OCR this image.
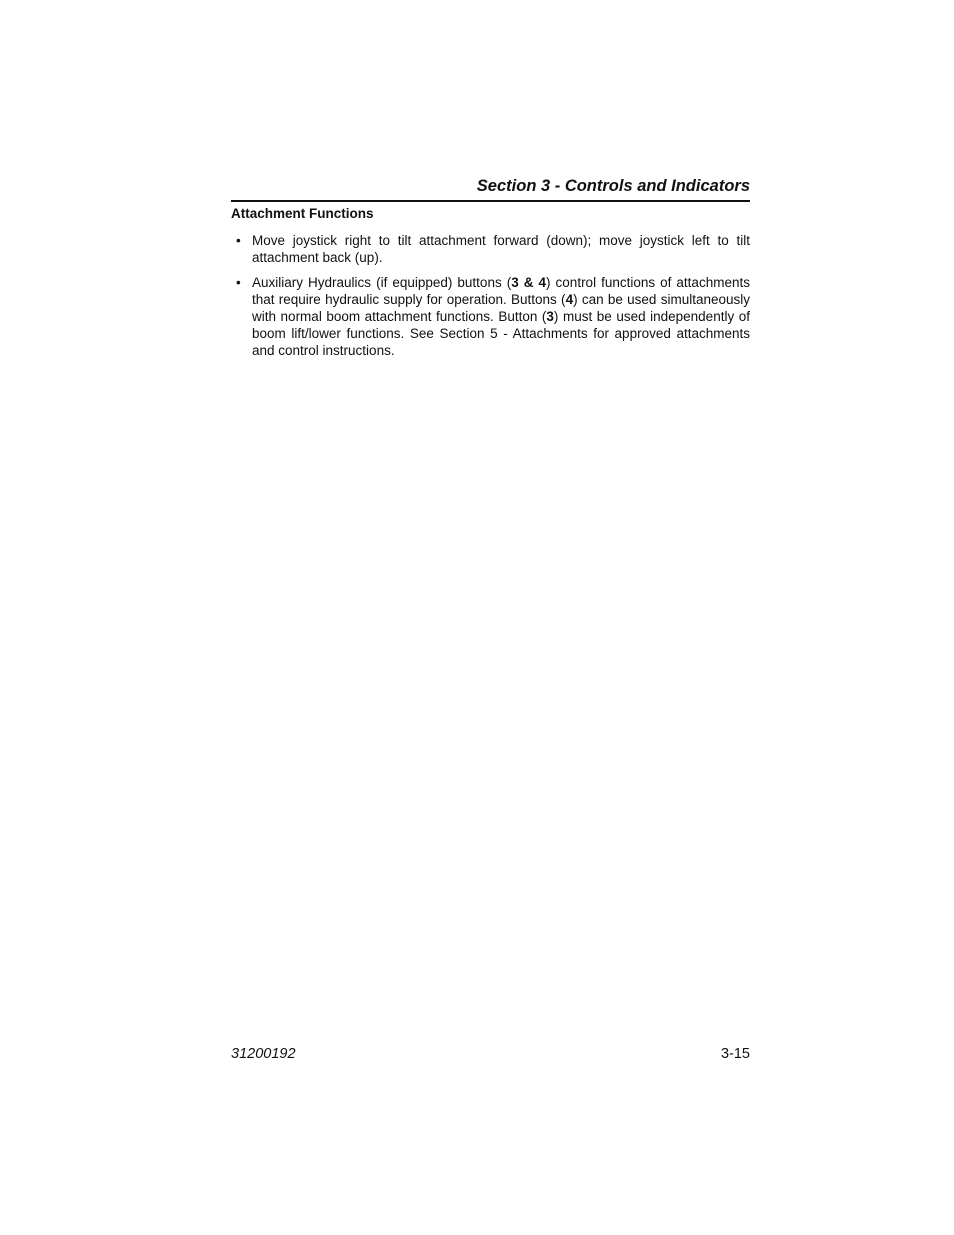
Section 3 - Controls and Indicators
Attachment Functions
• Move joystick right to tilt attachment forward (down); move joystick left to tilt attachment back (up).
• Auxiliary Hydraulics (if equipped) buttons (3 & 4) control functions of attachments that require hydraulic supply for operation. Buttons (4) can be used simultaneously with normal boom attachment functions. Button (3) must be used independently of boom lift/lower functions. See Section 5 - Attachments for approved attachments and control instructions.
31200192	3-15
